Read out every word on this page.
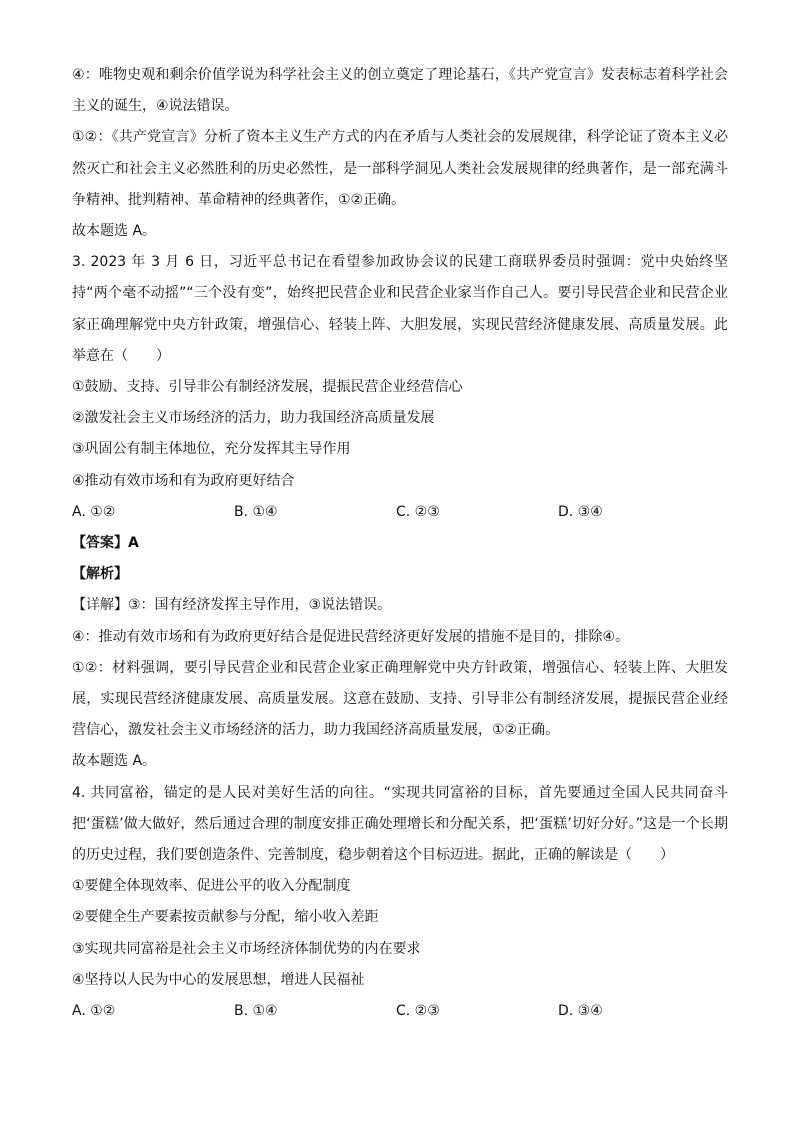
④：唯物史观和剩余价值学说为科学社会主义的创立奠定了理论基石，《共产党宣言》发表标志着科学社会主义的诞生，④说法错误。

①②：《共产党宣言》分析了资本主义生产方式的内在矛盾与人类社会的发展规律，科学论证了资本主义必然灭亡和社会主义必然胜利的历史必然性，是一部科学洞见人类社会发展规律的经典著作，是一部充满斗争精神、批判精神、革命精神的经典著作，①②正确。

故本题选 A。

3. 2023 年 3 月 6 日，习近平总书记在看望参加政协会议的民建工商联界委员时强调：党中央始终坚持“两个毫不动摇”“三个没有变”，始终把民营企业和民营企业家当作自己人。要引导民营企业和民营企业家正确理解党中央方针政策，增强信心、轻装上阵、大胆发展，实现民营经济健康发展、高质量发展。此举意在（　　）

①鼓励、支持、引导非公有制经济发展，提振民营企业经营信心

②激发社会主义市场经济的活力，助力我国经济高质量发展

③巩固公有制主体地位，充分发挥其主导作用

④推动有效市场和有为政府更好结合

A. ①②	B. ①④	C. ②③	D. ③④

【答案】A

【解析】

【详解】③：国有经济发挥主导作用，③说法错误。

④：推动有效市场和有为政府更好结合是促进民营经济更好发展的措施不是目的，排除④。

①②：材料强调，要引导民营企业和民营企业家正确理解党中央方针政策，增强信心、轻装上阵、大胆发展，实现民营经济健康发展、高质量发展。这意在鼓励、支持、引导非公有制经济发展，提振民营企业经营信心，激发社会主义市场经济的活力，助力我国经济高质量发展，①②正确。

故本题选 A。

4. 共同富裕，锚定的是人民对美好生活的向往。“实现共同富裕的目标，首先要通过全国人民共同奋斗把‘蛋糕’做大做好，然后通过合理的制度安排正确处理增长和分配关系，把‘蛋糕’切好分好。”这是一个长期的历史过程，我们要创造条件、完善制度，稳步朝着这个目标迈进。据此，正确的解读是（　　）

①要健全体现效率、促进公平的收入分配制度

②要健全生产要素按贡献参与分配，缩小收入差距

③实现共同富裕是社会主义市场经济体制优势的内在要求

④坚持以人民为中心的发展思想，增进人民福祉

A. ①②	B. ①④	C. ②③	D. ③④
